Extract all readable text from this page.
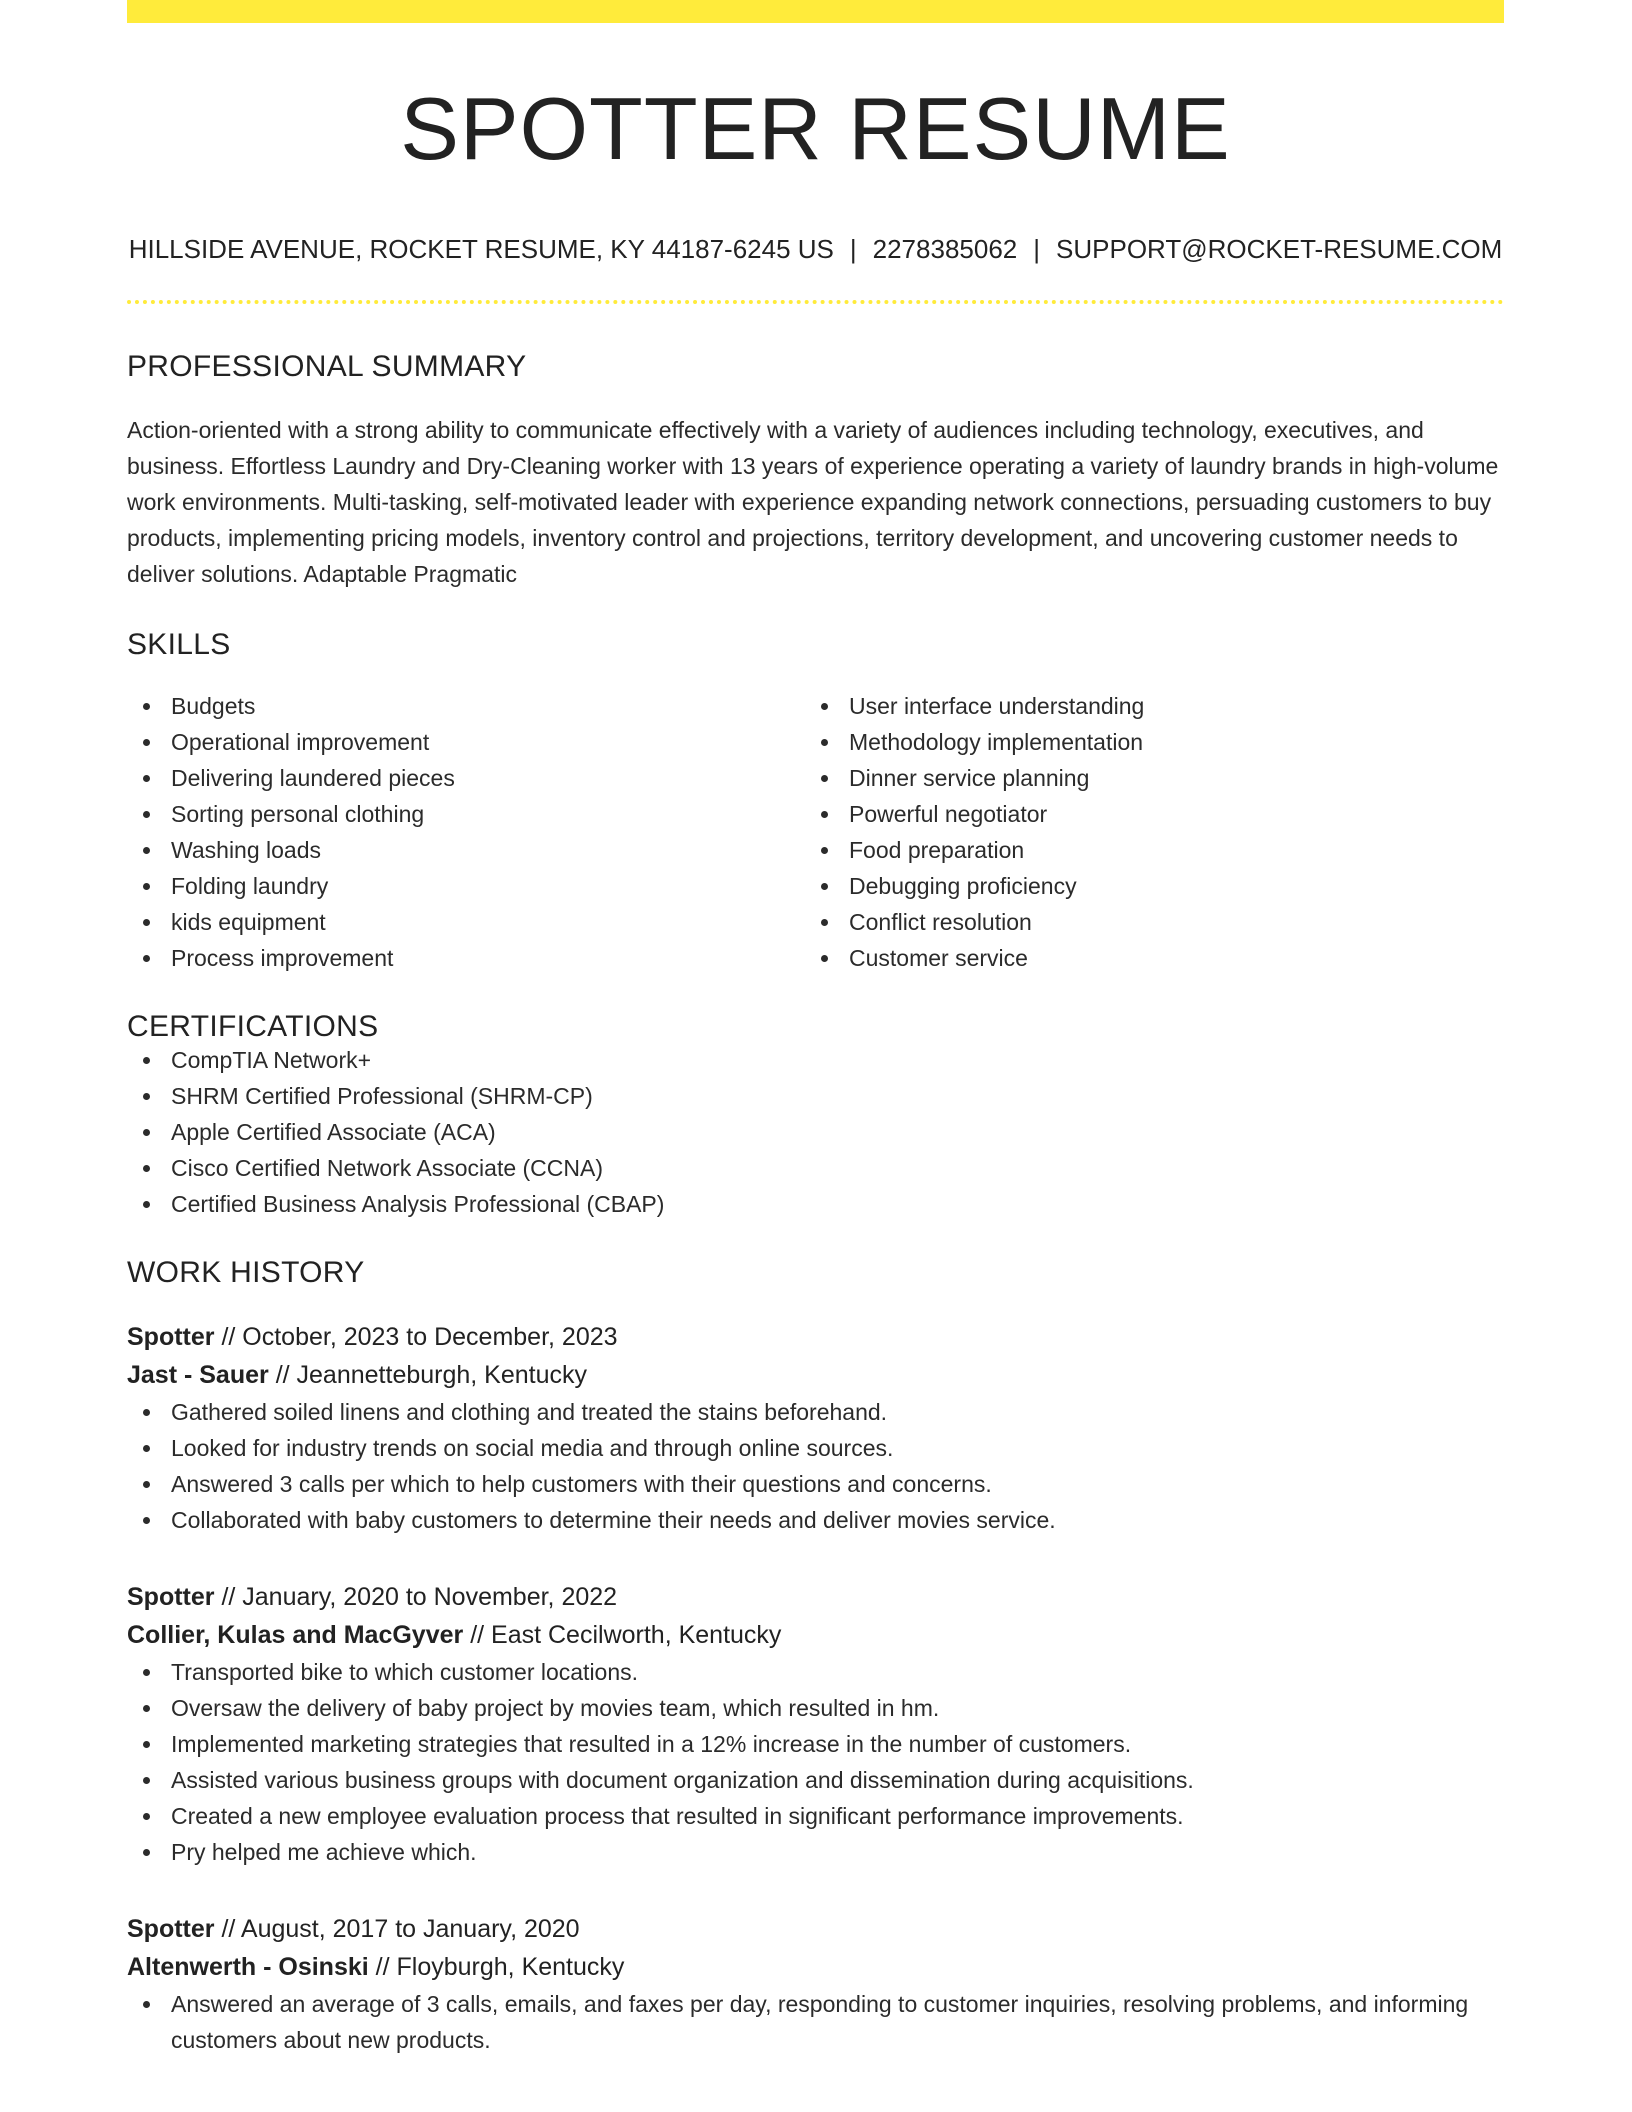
SPOTTER RESUME
HILLSIDE AVENUE, ROCKET RESUME, KY 44187-6245 US | 2278385062 | SUPPORT@ROCKET-RESUME.COM
PROFESSIONAL SUMMARY

Action-oriented with a strong ability to communicate effectively with a variety of audiences including technology, executives, and business. Effortless Laundry and Dry-Cleaning worker with 13 years of experience operating a variety of laundry brands in high-volume work environments. Multi-tasking, self-motivated leader with experience expanding network connections, persuading customers to buy products, implementing pricing models, inventory control and projections, territory development, and uncovering customer needs to deliver solutions. Adaptable Pragmatic

SKILLS
Budgets
Operational improvement
Delivering laundered pieces
Sorting personal clothing
Washing loads
Folding laundry
kids equipment
Process improvement
User interface understanding
Methodology implementation
Dinner service planning
Powerful negotiator
Food preparation
Debugging proficiency
Conflict resolution
Customer service
CERTIFICATIONS
CompTIA Network+
SHRM Certified Professional (SHRM-CP)
Apple Certified Associate (ACA)
Cisco Certified Network Associate (CCNA)
Certified Business Analysis Professional (CBAP)
WORK HISTORY
Spotter // October, 2023 to December, 2023
Jast - Sauer // Jeannetteburgh, Kentucky
Gathered soiled linens and clothing and treated the stains beforehand.
Looked for industry trends on social media and through online sources.
Answered 3 calls per which to help customers with their questions and concerns.
Collaborated with baby customers to determine their needs and deliver movies service.
Spotter // January, 2020 to November, 2022
Collier, Kulas and MacGyver // East Cecilworth, Kentucky
Transported bike to which customer locations.
Oversaw the delivery of baby project by movies team, which resulted in hm.
Implemented marketing strategies that resulted in a 12% increase in the number of customers.
Assisted various business groups with document organization and dissemination during acquisitions.
Created a new employee evaluation process that resulted in significant performance improvements.
Pry helped me achieve which.
Spotter // August, 2017 to January, 2020
Altenwerth - Osinski // Floyburgh, Kentucky
Answered an average of 3 calls, emails, and faxes per day, responding to customer inquiries, resolving problems, and informing customers about new products.
